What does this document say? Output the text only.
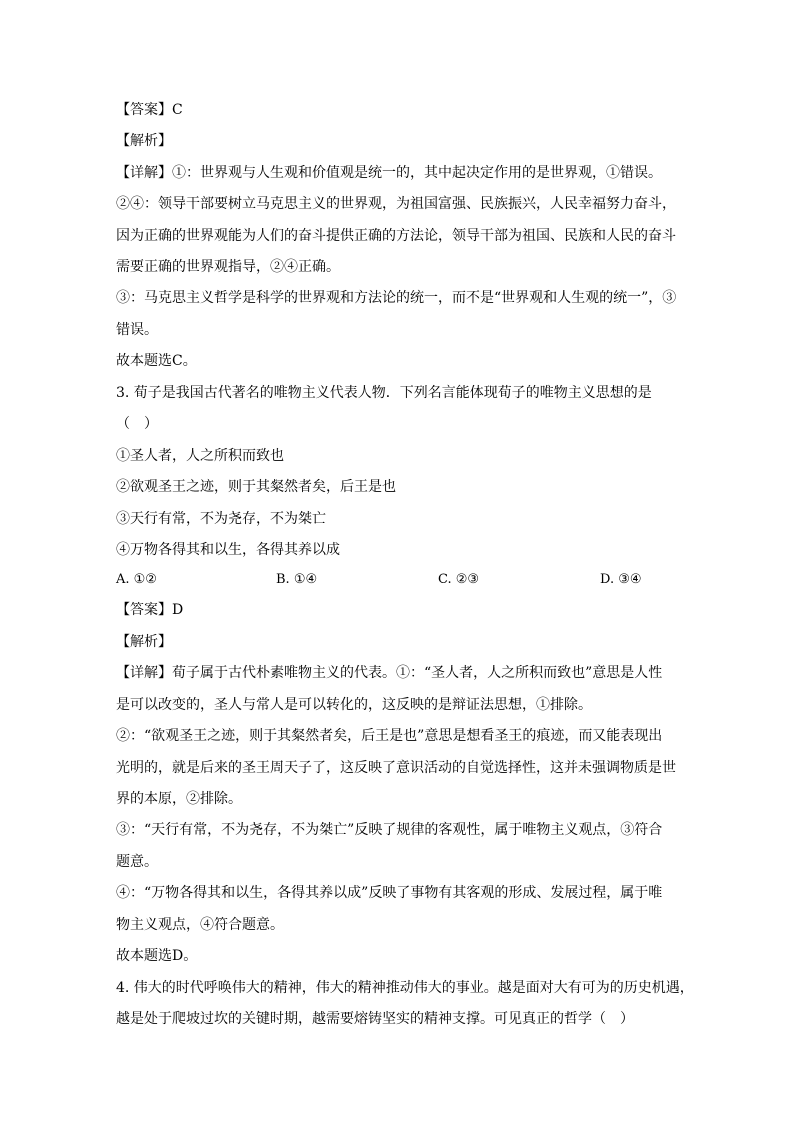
【答案】C
【解析】
【详解】①：世界观与人生观和价值观是统一的，其中起决定作用的是世界观，①错误。
②④：领导干部要树立马克思主义的世界观，为祖国富强、民族振兴，人民幸福努力奋斗，
因为正确的世界观能为人们的奋斗提供正确的方法论，领导干部为祖国、民族和人民的奋斗
需要正确的世界观指导，②④正确。
③：马克思主义哲学是科学的世界观和方法论的统一，而不是“世界观和人生观的统一”，③
错误。
故本题选C。
3. 荀子是我国古代著名的唯物主义代表人物．下列名言能体现荀子的唯物主义思想的是
（　）
①圣人者，人之所积而致也
②欲观圣王之迹，则于其粲然者矣，后王是也
③天行有常，不为尧存，不为桀亡
④万物各得其和以生，各得其养以成
A. ①②	B. ①④	C. ②③	D. ③④
【答案】D
【解析】
【详解】荀子属于古代朴素唯物主义的代表。①：“圣人者，人之所积而致也”意思是人性
是可以改变的，圣人与常人是可以转化的，这反映的是辩证法思想，①排除。
②：“欲观圣王之迹，则于其粲然者矣，后王是也”意思是想看圣王的痕迹，而又能表现出
光明的，就是后来的圣王周天子了，这反映了意识活动的自觉选择性，这并未强调物质是世
界的本原，②排除。
③：“天行有常，不为尧存，不为桀亡”反映了规律的客观性，属于唯物主义观点，③符合
题意。
④：“万物各得其和以生，各得其养以成”反映了事物有其客观的形成、发展过程，属于唯
物主义观点，④符合题意。
故本题选D。
4. 伟大的时代呼唤伟大的精神，伟大的精神推动伟大的事业。越是面对大有可为的历史机遇，
越是处于爬坡过坎的关键时期，越需要熔铸坚实的精神支撑。可见真正的哲学（　）
